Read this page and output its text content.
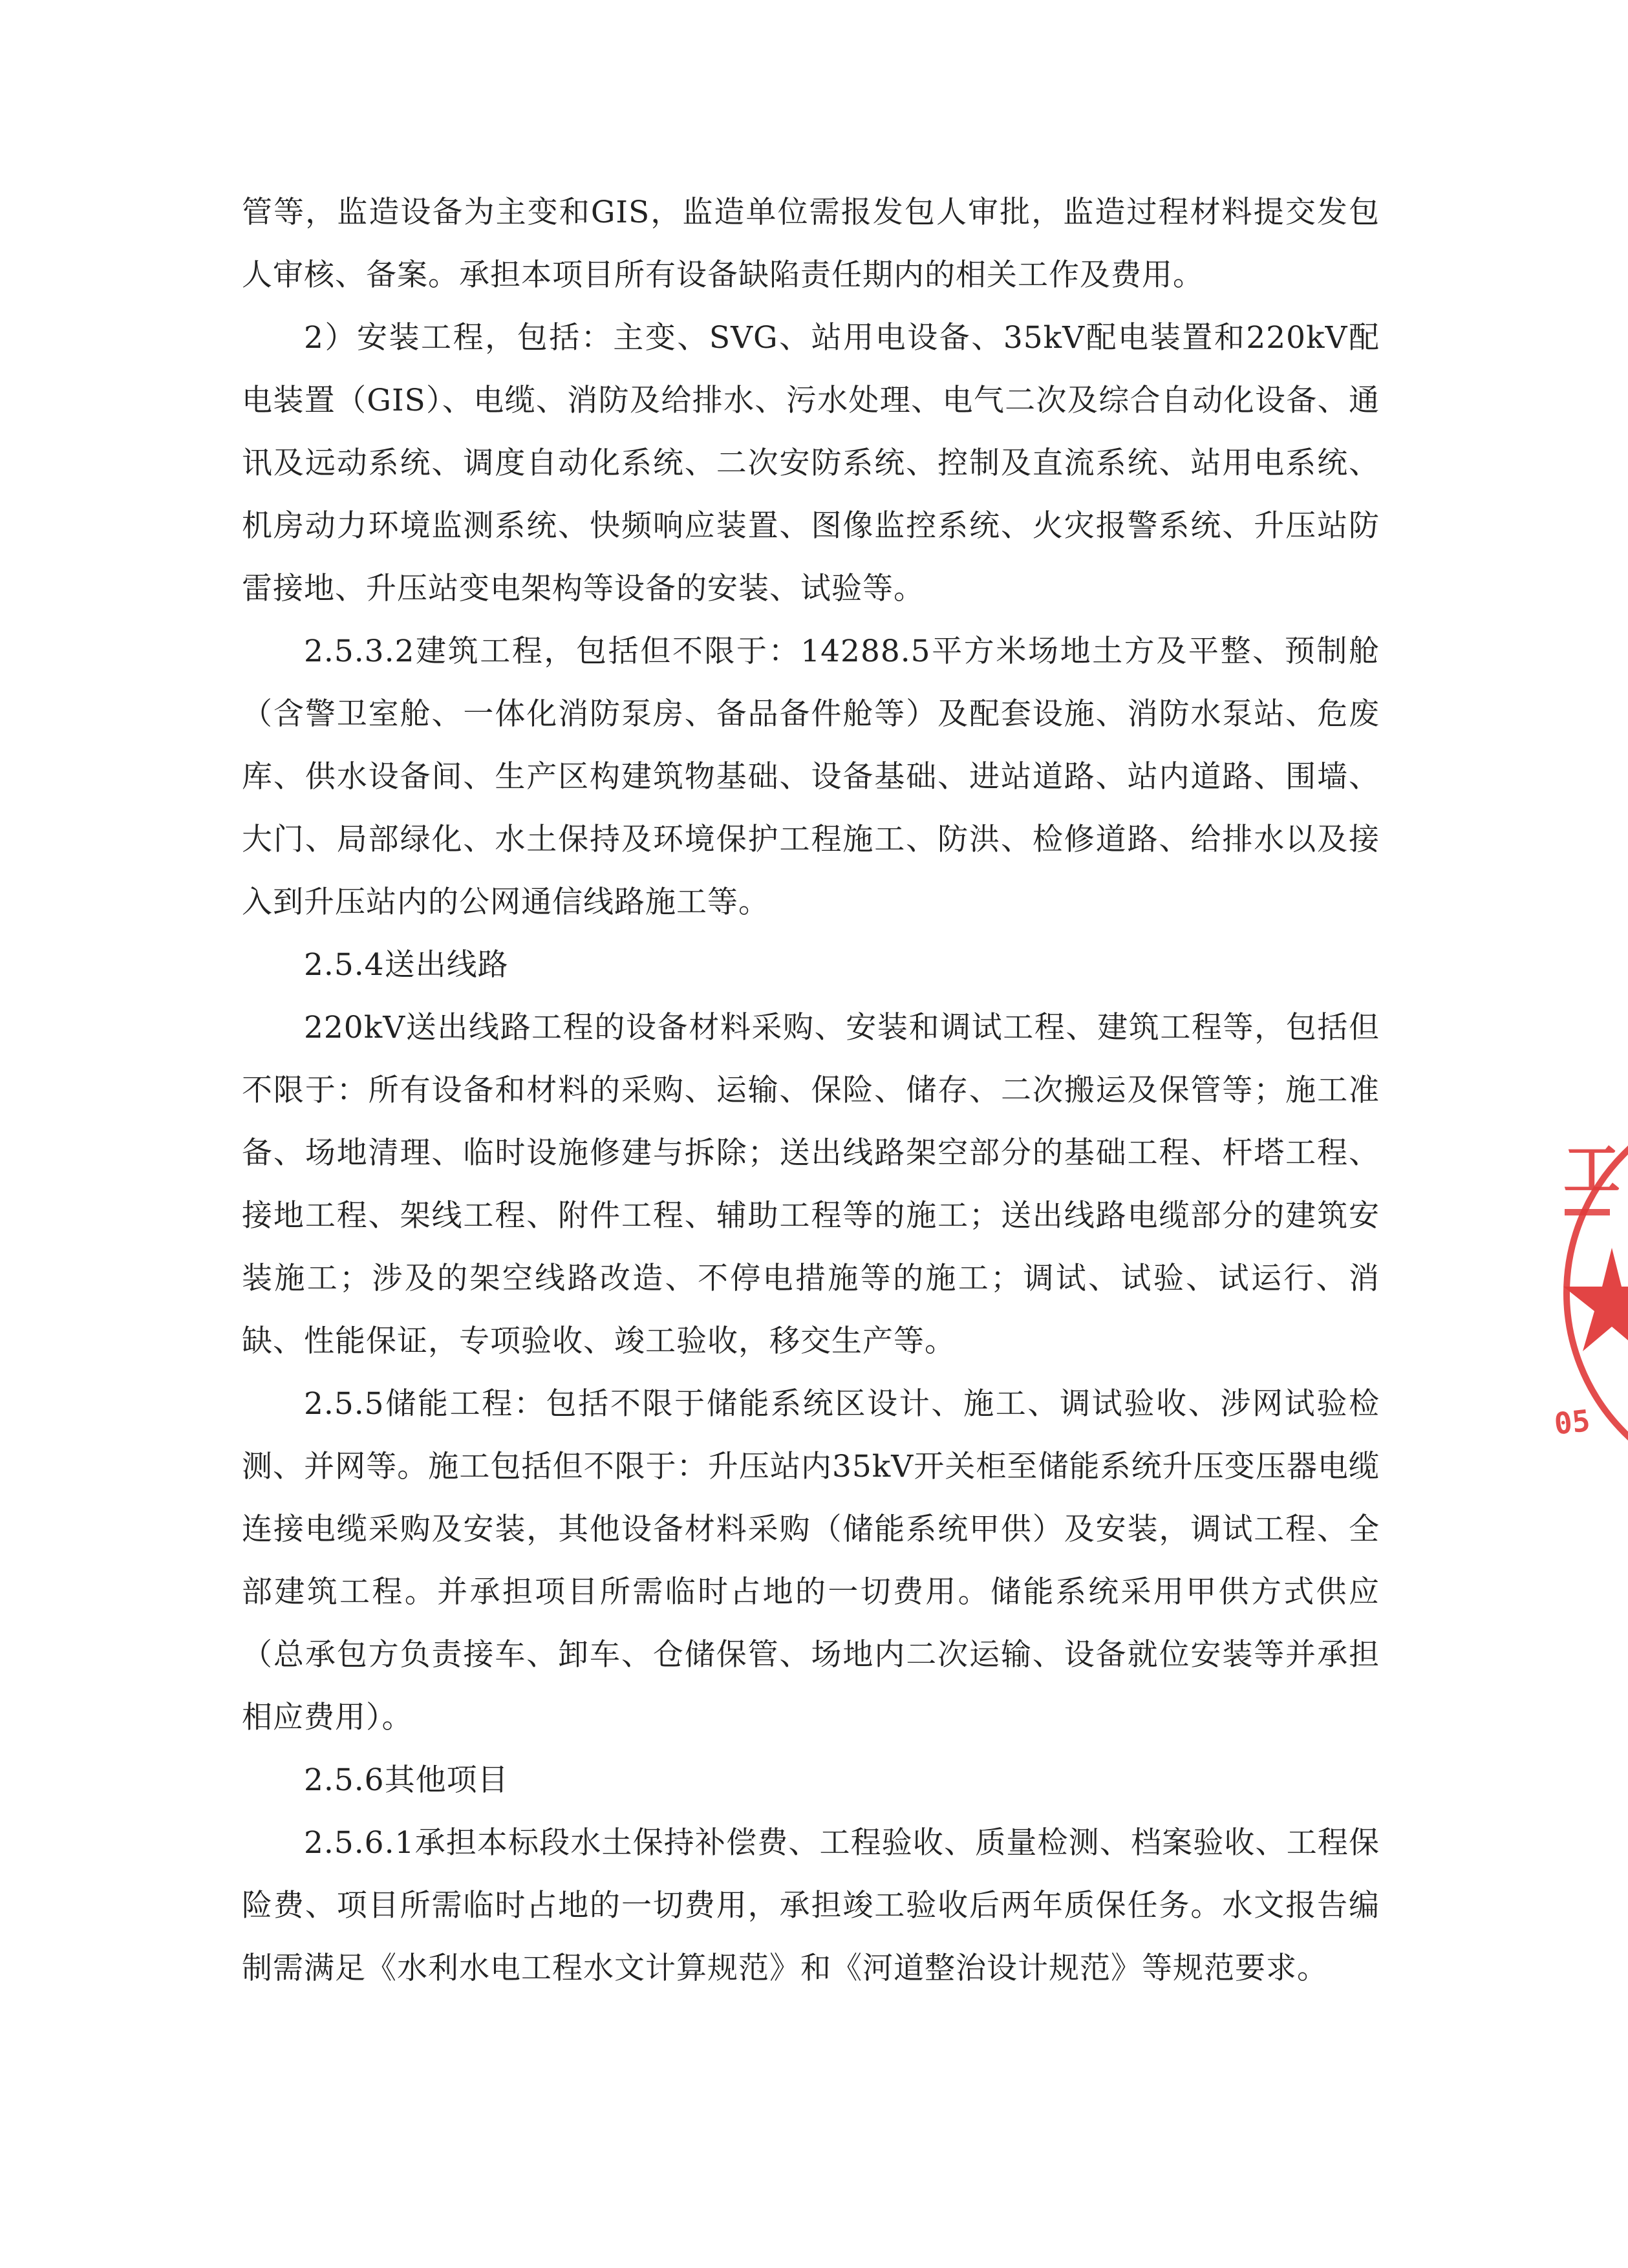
管等，监造设备为主变和GIS，监造单位需报发包人审批，监造过程材料提交发包人审核、备案。承担本项目所有设备缺陷责任期内的相关工作及费用。

2）安装工程，包括：主变、SVG、站用电设备、35kV配电装置和220kV配电装置（GIS）、电缆、消防及给排水、污水处理、电气二次及综合自动化设备、通讯及远动系统、调度自动化系统、二次安防系统、控制及直流系统、站用电系统、机房动力环境监测系统、快频响应装置、图像监控系统、火灾报警系统、升压站防雷接地、升压站变电架构等设备的安装、试验等。

2.5.3.2建筑工程，包括但不限于：14288.5平方米场地土方及平整、预制舱（含警卫室舱、一体化消防泵房、备品备件舱等）及配套设施、消防水泵站、危废库、供水设备间、生产区构建筑物基础、设备基础、进站道路、站内道路、围墙、大门、局部绿化、水土保持及环境保护工程施工、防洪、检修道路、给排水以及接入到升压站内的公网通信线路施工等。

2.5.4送出线路

220kV送出线路工程的设备材料采购、安装和调试工程、建筑工程等，包括但不限于：所有设备和材料的采购、运输、保险、储存、二次搬运及保管等；施工准备、场地清理、临时设施修建与拆除；送出线路架空部分的基础工程、杆塔工程、接地工程、架线工程、附件工程、辅助工程等的施工；送出线路电缆部分的建筑安装施工；涉及的架空线路改造、不停电措施等的施工；调试、试验、试运行、消缺、性能保证，专项验收、竣工验收，移交生产等。

2.5.5储能工程：包括不限于储能系统区设计、施工、调试验收、涉网试验检测、并网等。施工包括但不限于：升压站内35kV开关柜至储能系统升压变压器电缆连接电缆采购及安装，其他设备材料采购（储能系统甲供）及安装，调试工程、全部建筑工程。并承担项目所需临时占地的一切费用。储能系统采用甲供方式供应（总承包方负责接车、卸车、仓储保管、场地内二次运输、设备就位安装等并承担相应费用）。

2.5.6其他项目

2.5.6.1承担本标段水土保持补偿费、工程验收、质量检测、档案验收、工程保险费、项目所需临时占地的一切费用，承担竣工验收后两年质保任务。水文报告编制需满足《水利水电工程水文计算规范》和《河道整治设计规范》等规范要求。

工
05
